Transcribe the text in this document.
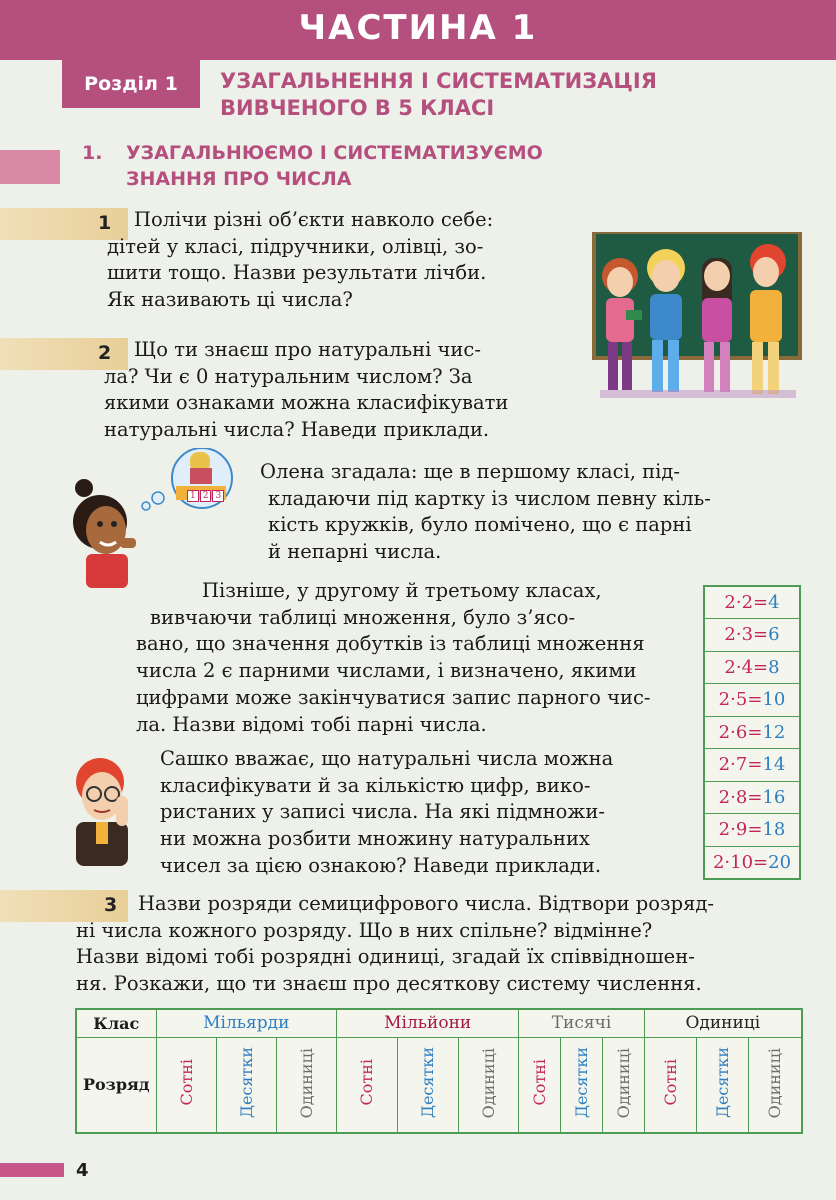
ЧАСТИНА 1
Розділ 1	УЗАГАЛЬНЕННЯ І СИСТЕМАТИЗАЦІЯ
ВИВЧЕНОГО В 5 КЛАСІ
1. УЗАГАЛЬНЮЄМО І СИСТЕМАТИЗУЄМО
ЗНАННЯ ПРО ЧИСЛА
1 Полічи різні об’єкти навколо себе:

дітей у класі, підручники, олівці, зо-

шити тощо. Назви результати лічби.

Як називають ці числа?

2 Що ти знаєш про натуральні чис-

ла? Чи є 0 натуральним числом? За

якими ознаками можна класифікувати

натуральні числа? Наведи приклади.

1 2 3

Олена згадала: ще в першому класі, під-

кладаючи під картку із числом певну кіль-

кість кружків, було помічено, що є парні

й непарні числа.

Пізніше, у другому й третьому класах,

вивчаючи таблиці множення, було з’ясо-

вано, що значення добутків із таблиці множення

числа 2 є парними числами, і визначено, якими

цифрами може закінчуватися запис парного чис-

ла. Назви відомі тобі парні числа.

2·2=4
2·3=6
2·4=8
2·5=10
2·6=12
2·7=14
2·8=16
2·9=18
2·10=20

Сашко вважає, що натуральні числа можна

класифікувати й за кількістю цифр, вико-

ристаних у записі числа. На які підмножи-

ни можна розбити множину натуральних

чисел за цією ознакою? Наведи приклади.

3 Назви розряди семицифрового числа. Відтвори розряд-

ні числа кожного розряду. Що в них спільне? відмінне?

Назви відомі тобі розрядні одиниці, згадай їх співвідношен-

ня. Розкажи, що ти знаєш про десяткову систему числення.

Клас	Мільярди			Мільйони			Тисячі			Одиниці		
Розряд	Сотні	Десятки	Одиниці	Сотні	Десятки	Одиниці	Сотні	Десятки	Одиниці	Сотні	Десятки	Одиниці
4
